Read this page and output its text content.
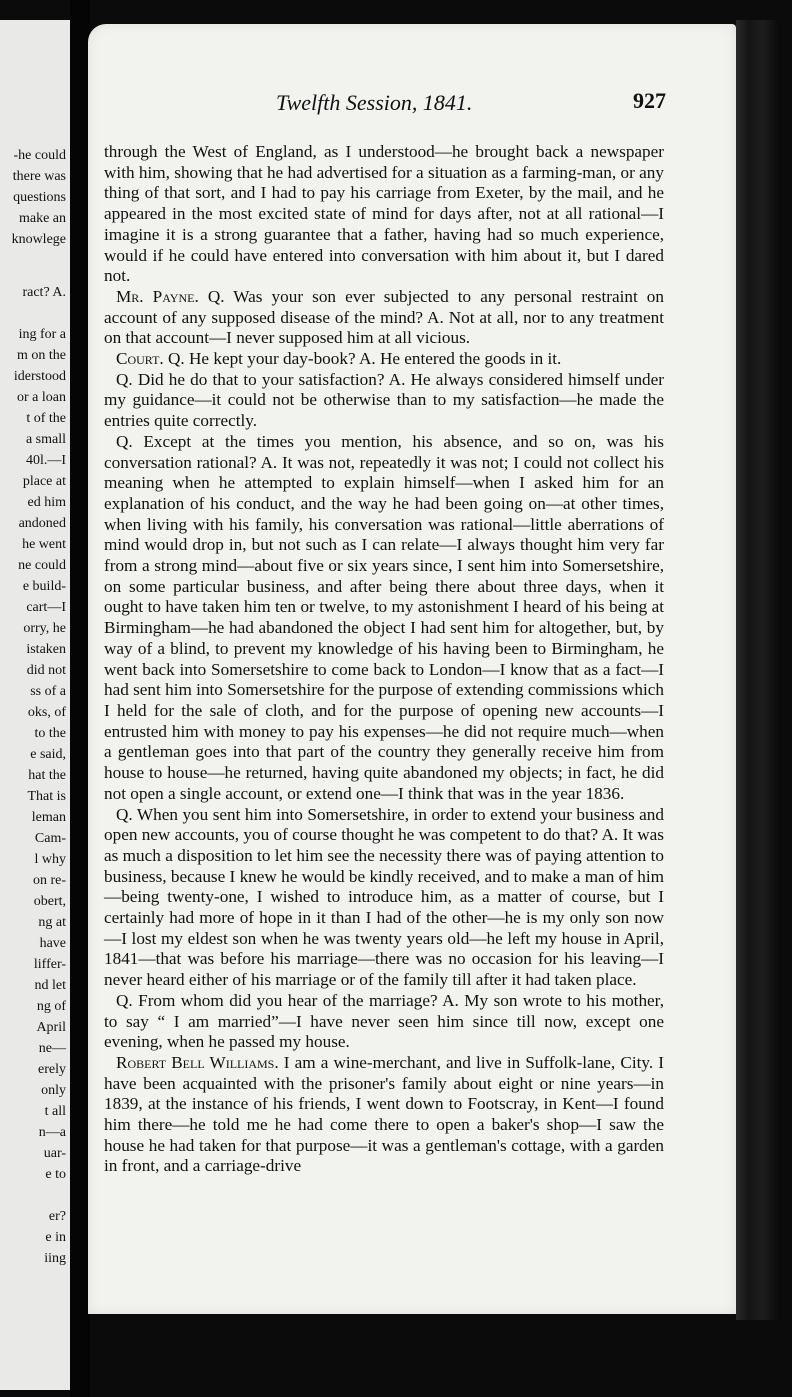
-he could
there was
questions
make an
knowlege
ract? A.
ing for a
m on the
iderstood
or a loan
t of the
a small
40l.—I
place at
ed him
andoned
he went
ne could
e build-
cart—I
orry, he
istaken
did not
ss of a
oks, of
to the
e said,
hat the
That is
leman
Cam-
l why
on re-
obert,
ng at
have
liffer-
nd let
ng of
April
ne—
erely
only
t all
n—a
uar-
e to
er?
e in
iing
Twelfth Session, 1841.	927

through the West of England, as I understood—he brought back a newspaper with him, showing that he had advertised for a situation as a farming-man, or any thing of that sort, and I had to pay his carriage from Exeter, by the mail, and he appeared in the most excited state of mind for days after, not at all rational—I imagine it is a strong guarantee that a father, having had so much experience, would if he could have entered into conversation with him about it, but I dared not.

Mr. Payne. Q. Was your son ever subjected to any personal restraint on account of any supposed disease of the mind? A. Not at all, nor to any treatment on that account—I never supposed him at all vicious.

Court. Q. He kept your day-book? A. He entered the goods in it.

Q. Did he do that to your satisfaction? A. He always considered himself under my guidance—it could not be otherwise than to my satisfaction—he made the entries quite correctly.

Q. Except at the times you mention, his absence, and so on, was his conversation rational? A. It was not, repeatedly it was not; I could not collect his meaning when he attempted to explain himself—when I asked him for an explanation of his conduct, and the way he had been going on—at other times, when living with his family, his conversation was rational—little aberrations of mind would drop in, but not such as I can relate—I always thought him very far from a strong mind—about five or six years since, I sent him into Somersetshire, on some particular business, and after being there about three days, when it ought to have taken him ten or twelve, to my astonishment I heard of his being at Birmingham—he had abandoned the object I had sent him for altogether, but, by way of a blind, to prevent my knowledge of his having been to Birmingham, he went back into Somersetshire to come back to London—I know that as a fact—I had sent him into Somersetshire for the purpose of extending commissions which I held for the sale of cloth, and for the purpose of opening new accounts—I entrusted him with money to pay his expenses—he did not require much—when a gentleman goes into that part of the country they generally receive him from house to house—he returned, having quite abandoned my objects; in fact, he did not open a single account, or extend one—I think that was in the year 1836.

Q. When you sent him into Somersetshire, in order to extend your business and open new accounts, you of course thought he was competent to do that? A. It was as much a disposition to let him see the necessity there was of paying attention to business, because I knew he would be kindly received, and to make a man of him—being twenty-one, I wished to introduce him, as a matter of course, but I certainly had more of hope in it than I had of the other—he is my only son now—I lost my eldest son when he was twenty years old—he left my house in April, 1841—that was before his marriage—there was no occasion for his leaving—I never heard either of his marriage or of the family till after it had taken place.

Q. From whom did you hear of the marriage? A. My son wrote to his mother, to say “ I am married”—I have never seen him since till now, except one evening, when he passed my house.

Robert Bell Williams. I am a wine-merchant, and live in Suffolk-lane, City. I have been acquainted with the prisoner's family about eight or nine years—in 1839, at the instance of his friends, I went down to Footscray, in Kent—I found him there—he told me he had come there to open a baker's shop—I saw the house he had taken for that purpose—it was a gentleman's cottage, with a garden in front, and a carriage-drive
